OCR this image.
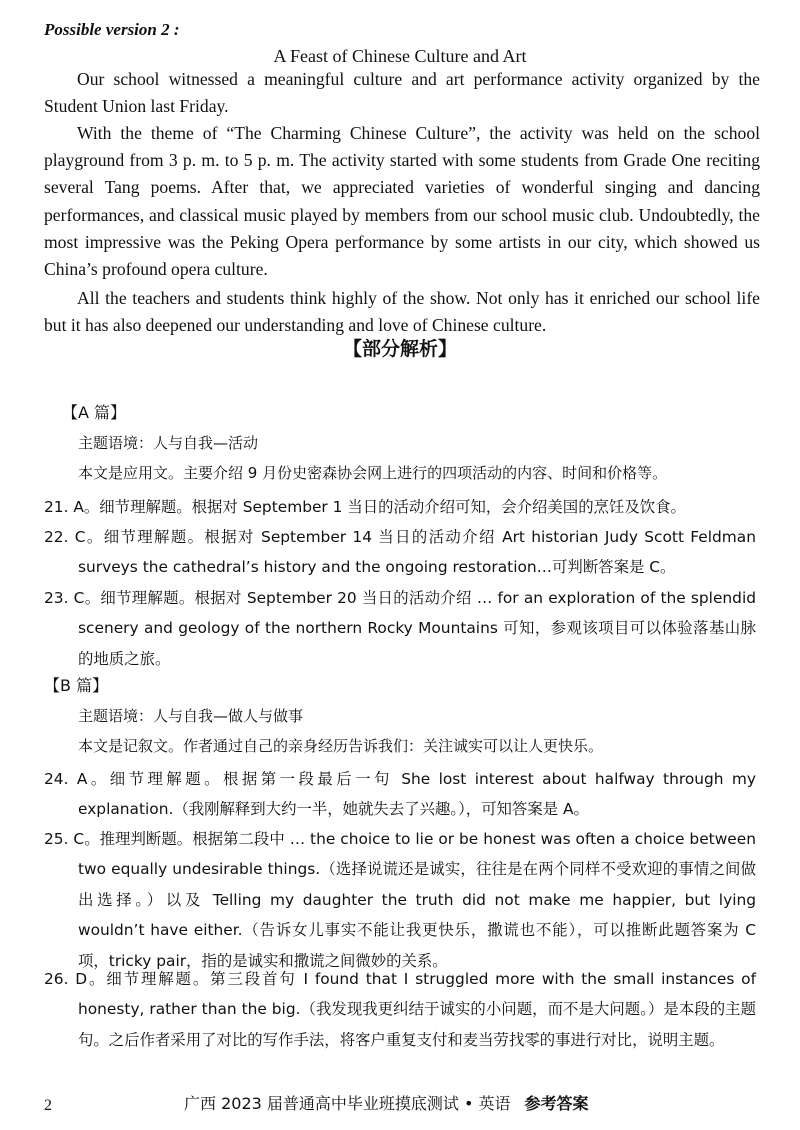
Possible version 2 :
A Feast of Chinese Culture and Art
Our school witnessed a meaningful culture and art performance activity organized by the Student Union last Friday.
With the theme of “The Charming Chinese Culture”, the activity was held on the school playground from 3 p. m. to 5 p. m. The activity started with some students from Grade One reciting several Tang poems. After that, we appreciated varieties of wonderful singing and dancing performances, and classical music played by members from our school music club. Undoubtedly, the most impressive was the Peking Opera performance by some artists in our city, which showed us China’s profound opera culture.
All the teachers and students think highly of the show. Not only has it enriched our school life but it has also deepened our understanding and love of Chinese culture.
【部分解析】
【A 篇】
主题语境：人与自我—活动
本文是应用文。主要介绍 9 月份史密森协会网上进行的四项活动的内容、时间和价格等。
21. A。细节理解题。根据对 September 1 当日的活动介绍可知，会介绍美国的烹饪及饮食。
22. C。细节理解题。根据对 September 14 当日的活动介绍 Art historian Judy Scott Feldman surveys the cathedral’s history and the ongoing restoration…可判断答案是 C。
23. C。细节理解题。根据对 September 20 当日的活动介绍 … for an exploration of the splendid scenery and geology of the northern Rocky Mountains 可知，参观该项目可以体验落基山脉的地质之旅。
【B 篇】
主题语境：人与自我—做人与做事
本文是记叙文。作者通过自己的亲身经历告诉我们：关注诚实可以让人更快乐。
24. A。细节理解题。根据第一段最后一句 She lost interest about halfway through my explanation.（我刚解释到大约一半，她就失去了兴趣。），可知答案是 A。
25. C。推理判断题。根据第二段中 … the choice to lie or be honest was often a choice between two equally undesirable things.（选择说谎还是诚实，往往是在两个同样不受欢迎的事情之间做出选择。）以及 Telling my daughter the truth did not make me happier, but lying wouldn’t have either.（告诉女儿事实不能让我更快乐，撒谎也不能），可以推断此题答案为 C 项，tricky pair，指的是诚实和撒谎之间微妙的关系。
26. D。细节理解题。第三段首句 I found that I struggled more with the small instances of honesty, rather than the big.（我发现我更纠结于诚实的小问题，而不是大问题。）是本段的主题句。之后作者采用了对比的写作手法，将客户重复支付和麦当劳找零的事进行对比，说明主题。
2	广西 2023 届普通高中毕业班摸底测试 • 英语 参考答案
